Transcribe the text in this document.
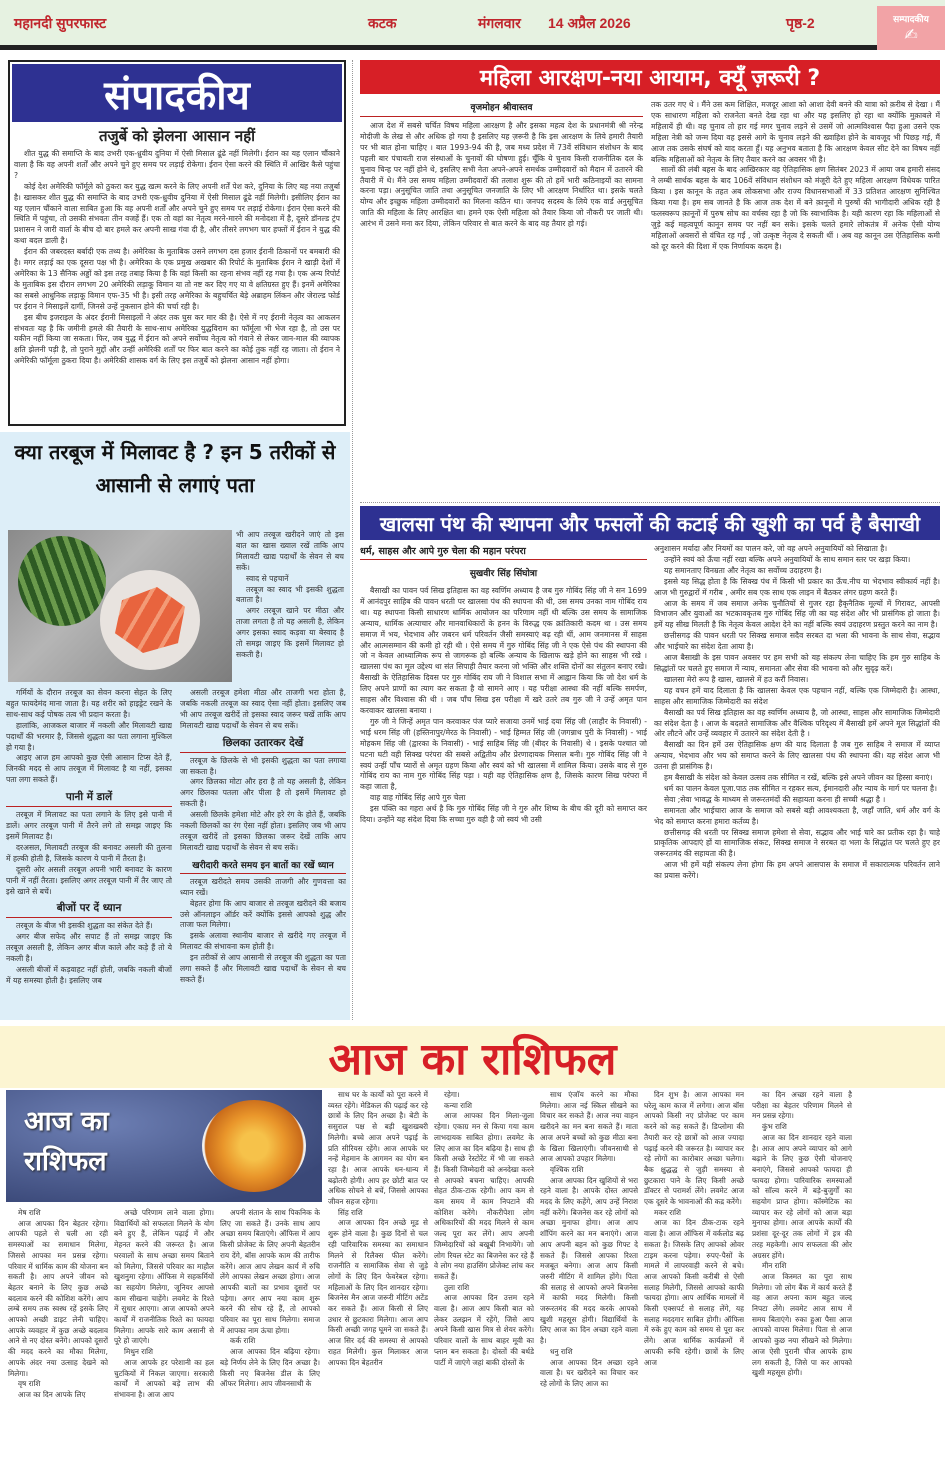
महानदी सुपरफास्ट	कटक	मंगलवार 14 अप्रैल 2026	पृष्ठ-2	सम्पादकीय
✍
संपादकीय
तजुर्बे को झेलना आसान नहीं

शीत युद्ध की समाप्ति के बाद उभरी एक-ध्रुवीय दुनिया में ऐसी मिसाल ढूंढे नहीं मिलेगी। ईरान का यह एलान चौंकाने वाला है कि वह अपनी शर्तों और अपने चुने हुए समय पर लड़ाई रोकेगा। ईरान ऐसा करने की स्थिति में आखिर कैसे पहुंचा ?

कोई देश अमेरिकी फॉर्मूले को ठुकरा कर युद्ध खत्म करने के लिए अपनी शर्तें पेश करे, दुनिया के लिए यह नया तजुर्बा है। खासकर शीत युद्ध की समाप्ति के बाद उभरी एक-ध्रुवीय दुनिया में ऐसी मिसाल ढूंढे नहीं मिलेगी। इसीलिए ईरान का यह एलान चौंकाने वाला साबित हुआ कि वह अपनी शर्तों और अपने चुने हुए समय पर लड़ाई रोकेगा। ईरान ऐसा करने की स्थिति में पहुंचा, तो उसकी संभवतः तीन वजहें हैं। एक तो वहां का नेतृत्व मरने-मारने की मनोदशा में है, दूसरे डॉनल्ड ट्रंप प्रशासन ने जारी वार्ता के बीच दो बार हमले कर अपनी साख गंवा दी है, और तीसरे लगभग चार हफ्तों में ईरान ने युद्ध की कथा बदल डाली है।

ईरान की जबरदस्त बर्बादी एक तथ्य है। अमेरिका के मुताबिक उसने लगभग दस हजार ईरानी ठिकानों पर बमबारी की है। मगर लड़ाई का एक दूसरा पक्ष भी है। अमेरिका के एक प्रमुख अखबार की रिपोर्ट के मुताबिक ईरान ने खाड़ी देशों में अमेरिका के 13 सैनिक अड्डों को इस तरह तबाह किया है कि वहां किसी का रहना संभव नहीं रह गया है। एक अन्य रिपोर्ट के मुताबिक इस दौरान लगभग 20 अमेरिकी लड़ाकू विमान या तो नष्ट कर दिए गए या वे क्षतिग्रस्त हुए हैं। इनमें अमेरिका का सबसे आधुनिक लड़ाकू विमान एफ-35 भी है। इसी तरह अमेरिका के बहुचर्चित बेड़े अब्राहम लिंकन और जेराल्ड फोर्ड पर ईरान ने मिसाइलें दागीं, जिनसे उन्हें नुकसान होने की चर्चा रही है।

इस बीच इजराइल के अंदर ईरानी मिसाइलों ने अंदर तक घुस कर मार की है। ऐसे में नए ईरानी नेतृत्व का आकलन संभवतः यह है कि जमीनी हमले की तैयारी के साथ-साथ अमेरिका युद्धविराम का फॉर्मूला भी भेज रहा है, तो उस पर यकीन नहीं किया जा सकता। फिर, जब युद्ध में ईरान को अपने सर्वोच्च नेतृत्व को गंवाने से लेकर जान-माल की व्यापक क्षति झेलनी पड़ी है, तो पुराने मुद्दों और उन्हीं अमेरिकी शर्तों पर फिर बात करने का कोई तुक नहीं रह जाता। तो ईरान ने अमेरिकी फॉर्मूला ठुकरा दिया है। अमेरिकी शासक वर्ग के लिए इस तजुर्बे को झेलना आसान नहीं होगा।

महिला आरक्षण-नया आयाम, क्यूँ ज़रूरी ?
वृजमोहन श्रीवास्तव

आज देश में सबसे चर्चित विषय महिला आरक्षण है और इसका महत्व देश के प्रधानमंत्री श्री नरेन्द्र मोदीजी के लेख से और अधिक हो गया है इसलिए यह ज़रूरी है कि इस आरक्षण के लिये हमारी तैयारी पर भी बात होना चाहिए । बात 1993-94 की है, जब मध्य प्रदेश में 73वें संविधान संशोधन के बाद पहली बार पंचायती राज संस्थाओं के चुनावों की घोषणा हुई। चूँकि ये चुनाव किसी राजनीतिक दल के चुनाव चिन्ह पर नहीं होने थे, इसलिए सभी नेता अपने-अपने समर्थक उम्मीदवारों को मैदान में उतारने की तैयारी में थे। मैंने उस समय महिला उम्मीदवारों की तलाश शुरू की तो हमें भारी कठिनाइयों का सामना करना पड़ा। अनुसूचित जाति तथा अनुसूचित जनजाति के लिए भी आरक्षण निर्धारित था। इसके चलते योग्य और इच्छुक महिला उम्मीदवारों का मिलना कठिन था। जनपद सदस्य के लिये एक वार्ड अनुसूचित जाति की महिला के लिए आरक्षित था। हमने एक ऐसी महिला को तैयार किया जो नौकरी पर जाती थी। आरंभ में उसने मना कर दिया, लेकिन परिवार से बात करने के बाद वह तैयार हो गई।

तक उतर गए थे । मैंने उस कम शिक्षित, मजदूर आशा को आशा देवी बनने की यात्रा को क़रीब से देखा । मैं एक साधारण महिला को राजनेता बनते देख रहा था और यह इसलिए हो रहा था क्योंकि मुक़ाबले में महिलायें ही थी। वह चुनाव तो हार गई मगर चुनाव लड़ने से उसमें जो आत्मविश्वास पैदा हुआ उसने एक महिला नेत्री को जन्म दिया वह इससे आगे के चुनाव लड़ने की ख्वाहिश होने के बावजूद भी पिछड़ गई, मैं आज तक उसके संघर्ष को याद करता हूँ। यह अनुभव बताता है कि आरक्षण केवल सीट देने का विषय नहीं बल्कि महिलाओं को नेतृत्व के लिए तैयार करने का अवसर भी है।

सालों की लंबी बहस के बाद आखिरकार वह ऐतिहासिक क्षण सितंबर 2023 में आया जब हमारी संसद ने लम्बी सार्थक बहस के बाद 106वें संविधान संशोधन को मंजूरी देते हुए महिला आरक्षण विधेयक पारित किया । इस कानून के तहत अब लोकसभा और राज्य विधानसभाओं में 33 प्रतिशत आरक्षण सुनिश्चित किया गया है। हम सब जानते है कि आज तक देश में बने क़ानूनों मे पुरुषों की भागीदारी अधिक रही है फलस्वरूप क़ानूनों में पुरुष सोच का वर्चस्व रहा है जो कि स्वाभाविक है। यही कारण रहा कि महिलाओं से जुड़े कई महत्वपूर्ण कानून समय पर नहीं बन सके। इसके चलते हमारे लोकतंत्र में अनेक ऐसी योग्य महिलाओं अवसरों से वंचित रह गईं , जो उत्कृष्ट नेतृत्व दे सकती थीं । अब वह कानून उस ऐतिहासिक कमी को दूर करने की दिशा में एक निर्णायक कदम है।

क्या तरबूज में मिलावट है ? इन 5 तरीकों से आसानी से लगाएं पता

भी आप तरबूज खरीदने जाएं तो इस बात का खास ख्याल रखें ताकि आप मिलावटी खाद्य पदार्थों के सेवन से बच सकें।

स्वाद से पहचानें

तरबूज का स्वाद भी इसकी शुद्धता बताता है।

अगर तरबूज खाने पर मीठा और ताजा लगता है तो यह असली है, लेकिन अगर इसका स्वाद कड़वा या बेस्वाद है तो समझ जाइए कि इसमें मिलावट हो सकती है।

गर्मियों के दौरान तरबूज का सेवन करना सेहत के लिए बहुत फायदेमंद माना जाता है। यह शरीर को हाइड्रेट रखने के साथ-साथ कई पोषक तत्व भी प्रदान करता है।

हालांकि, आजकल बाजार में नकली और मिलावटी खाद्य पदार्थों की भरमार है, जिससे शुद्धता का पता लगाना मुश्किल हो गया है।

आइए आज हम आपको कुछ ऐसी आसान टिप्स देते हैं, जिनकी मदद से आप तरबूज में मिलावट है या नहीं, इसका पता लगा सकते हैं।

पानी में डालें

तरबूज में मिलावट का पता लगाने के लिए इसे पानी में डालें। अगर तरबूज पानी में तैरने लगे तो समझ जाइए कि इसमें मिलावट है।

दरअसल, मिलावटी तरबूज की बनावट असली की तुलना में हल्की होती है, जिसके कारण ये पानी में तैरता है।

दूसरी ओर असली तरबूज अपनी भारी बनावट के कारण पानी में नहीं तैरता। इसलिए अगर तरबूज पानी में तैर जाए तो इसे खाने से बचें।

बीजों पर दें ध्यान

तरबूज के बीज भी इसकी शुद्धता का संकेत देते हैं।

अगर बीज सफेद और सपाट हैं तो समझ जाइए कि तरबूज असली है, लेकिन अगर बीज काले और कड़े हैं तो ये नकली है।

असली बीजों में कड़वाहट नहीं होती, जबकि नकली बीजों में यह समस्या होती है। इसलिए जब

असली तरबूज हमेशा मीठा और ताजगी भरा होता है, जबकि नकली तरबूज का स्वाद ऐसा नहीं होता। इसलिए जब भी आप तरबूज खरीदें तो इसका स्वाद जरूर चखें ताकि आप मिलावटी खाद्य पदार्थों के सेवन से बच सकें।

छिलका उतारकर देखें

तरबूज के छिलके से भी इसकी शुद्धता का पता लगाया जा सकता है।

अगर छिलका मोटा और हरा है तो यह असली है, लेकिन अगर छिलका पतला और पीला है तो इसमें मिलावट हो सकती है।

असली छिलके हमेशा मोटे और हरे रंग के होते हैं, जबकि नकली छिलकों का रंग ऐसा नहीं होता। इसलिए जब भी आप तरबूज खरीदें तो इसका छिलका जरूर देखें ताकि आप मिलावटी खाद्य पदार्थों के सेवन से बच सकें।

खरीदारी करते समय इन बातों का रखें ध्यान

तरबूज खरीदते समय उसकी ताजगी और गुणवत्ता का ध्यान रखें।

बेहतर होगा कि आप बाजार से तरबूज खरीदने की बजाय उसे ऑनलाइन ऑर्डर करें क्योंकि इससे आपको शुद्ध और ताजा फल मिलेगा।

इसके अलावा स्थानीय बाजार से खरीदे गए तरबूज में मिलावट की संभावना कम होती है।

इन तरीकों से आप आसानी से तरबूज की शुद्धता का पता लगा सकते हैं और मिलावटी खाद्य पदार्थों के सेवन से बच सकते हैं।

खालसा पंथ की स्थापना और फसलों की कटाई की खुशी का पर्व है बैसाखी
धर्म, साहस और आपे गुरु चेला की महान परंपरा
सुखवीर सिंह सिंघोत्रा

बैसाखी का पावन पर्व सिख इतिहास का वह स्वर्णिम अध्याय है जब गुरु गोबिंद सिंह जी ने सन 1699 में आनंदपुर साहिब की पावन धरती पर खालसा पंथ की स्थापना की थी, उस समय उनका नाम गोबिंद राय था। यह स्थापना किसी साधारण धार्मिक आयोजन का परिणाम नहीं थी बल्कि उस समय के सामाजिक अन्याय, धार्मिक अत्याचार और मानवाधिकारों के हनन के विरुद्ध एक क्रांतिकारी कदम था । उस समय समाज में भय, भेदभाव और जबरन धर्म परिवर्तन जैसी समस्याएं बढ़ रही थीं, आम जनमानस में साहस और आत्मसम्मान की कमी हो रही थी । ऐसे समय में गुरु गोबिंद सिंह जी ने एक ऐसे पंथ की स्थापना की जो न केवल आध्यात्मिक रूप से जागरूक हो बल्कि अन्याय के खिलाफ खड़े होने का साहस भी रखे । खालसा पंथ का मूल उद्देश्य था संत सिपाही तैयार करना जो भक्ति और शक्ति दोनों का संतुलन बनाए रखे। बैसाखी के ऐतिहासिक दिवस पर गुरु गोबिंद राय जी ने विशाल सभा में आह्वान किया कि जो देश धर्म के लिए अपने प्राणों का त्याग कर सकता है वो सामने आए । यह परीक्षा आस्था की नहीं बल्कि समर्पण, साहस और विश्वास की थी । जब पाँच सिख इस परीक्षा में खरे उतरे तब गुरु जी ने उन्हें अमृत पान करवाकर खालसा बनाया ।

गुरु जी ने जिन्हें अमृत पान करवाकर पंज प्यारे सजाया उनमें भाई दया सिंह जी (लाहौर के निवासी) - भाई धरम सिंह जी (हस्तिनापुर/मेरठ के निवासी) - भाई हिम्मत सिंह जी (जगन्नाथ पुरी के निवासी) - भाई मोहकम सिंह जी (द्वारका के निवासी) - भाई साहिब सिंह जी (बीदर के निवासी) थे । इसके पश्चात जो घटना घटी वही सिक्ख परंपरा की सबसे अद्वितीय और प्रेरणादायक मिसाल बनी। गुरु गोबिंद सिंह जी ने स्वयं उन्हीं पाँच प्यारों से अमृत ग्रहण किया और स्वयं को भी खालसा में शामिल किया। उसके बाद से गुरु गोबिंद राय का नाम गुरु गोबिंद सिंह पड़ा । यही वह ऐतिहासिक क्षण है, जिसके कारण सिख परंपरा में कहा जाता है,

वाह वाह गोबिंद सिंह आपे गुरु चेला

इस पंक्ति का गहरा अर्थ है कि गुरु गोबिंद सिंह जी ने गुरु और शिष्य के बीच की दूरी को समाप्त कर दिया। उन्होंने यह संदेश दिया कि सच्चा गुरु वही है जो स्वयं भी उसी

अनुशासन मर्यादा और नियमों का पालन करे, जो वह अपने अनुयायियों को सिखाता है।

उन्होंने स्वयं को ऊँचा नहीं रखा बल्कि अपने अनुयायियों के साथ समान स्तर पर खड़ा किया।

यह समानताए विनम्रता और नेतृत्व का सर्वोच्च उदाहरण है।

इससे यह सिद्ध होता है कि सिक्ख पंथ में किसी भी प्रकार का ऊँच.नीच या भेदभाव स्वीकार्य नहीं है। आज भी गुरुद्वारों में गरीब , अमीर सब एक साथ एक लाइन में बैठकर लंगर ग्रहण करते हैं।

आज के समय में जब समाज अनेक चुनौतियों से गुजर रहा हैकृनैतिक मूल्यों में गिरावट, आपसी विभाजन और युवाओं का भटकावकृतब गुरु गोबिंद सिंह जी का यह संदेश और भी प्रासंगिक हो जाता है। हमें यह सीख मिलती है कि नेतृत्व केवल आदेश देने का नहीं बल्कि स्वयं उदाहरण प्रस्तुत करने का नाम है।

छत्तीसगढ़ की पावन धरती पर सिक्ख समाज सदैव सरबत दा भला की भावना के साथ सेवा, सद्भाव और भाईचारे का संदेश देता आया है।

आज बैसाखी के इस पावन अवसर पर हम सभी को यह संकल्प लेना चाहिए कि हम गुरु साहिब के सिद्धांतों पर चलते हुए समाज में न्याय, समानता और सेवा की भावना को और सुदृढ़ करें।

खालसा मेरो रूप है खास, खालसे में हउ करौं निवास।

यह वचन हमें याद दिलाता है कि खालसा केवल एक पहचान नहीं, बल्कि एक जिम्मेदारी है। आस्था, साहस और सामाजिक जिम्मेदारी का संदेश

बैसाखी का पर्व सिख इतिहास का वह स्वर्णिम अध्याय है, जो आस्था, साहस और सामाजिक जिम्मेदारी का संदेश देता है । आज के बदलते सामाजिक और वैश्विक परिदृश्य में बैसाखी हमें अपने मूल सिद्धांतों की ओर लौटने और उन्हें व्यवहार में उतारने का संदेश देती है ।

बैसाखी का दिन हमें उस ऐतिहासिक क्षण की याद दिलाता है जब गुरु साहिब ने समाज में व्याप्त अन्याय, भेदभाव और भय को समाप्त करने के लिए खालसा पंथ की स्थापना की। यह संदेश आज भी उतना ही प्रासंगिक है।

हम बैसाखी के संदेश को केवल उत्सव तक सीमित न रखें, बल्कि इसे अपने जीवन का हिस्सा बनाएं।

धर्म का पालन केवल पूजा.पाठ तक सीमित न रहकर सत्य, ईमानदारी और न्याय के मार्ग पर चलना है।

सेवा ;सेवा भावद्ध के माध्यम से जरूरतमंदों की सहायता करना ही सच्ची श्रद्धा है ।

समानता और भाईचारा आज के समाज को सबसे बड़ी आवश्यकता है, जहाँ जाति, धर्म और वर्ग के भेद को समाप्त करना हमारा कर्तव्य है।

छत्तीसगढ़ की धरती पर सिक्ख समाज हमेशा से सेवा, सद्भाव और भाई चारे का प्रतीक रहा है। चाहे प्राकृतिक आपदाएं हों या सामाजिक संकट, सिक्ख समाज ने सरबत दा भला के सिद्धांत पर चलते हुए हर जरूरतमंद की सहायता की है।

आज भी हमें यही संकल्प लेना होगा कि हम अपने आसपास के समाज में सकारात्मक परिवर्तन लाने का प्रयास करेंगे।

आज का राशिफल
आज का
राशिफल

मेष राशि

आज आपका दिन बेहतर रहेगा। आपकी पहले से चली आ रही समस्याओं का समाधान मिलेगा, जिससे आपका मन प्रसन्न रहेगा। परिवार में धार्मिक काम की योजना बन सकती है। आप अपने जीवन को बेहतर बनाने के लिए कुछ अच्छे बदलाव करने की कोशिश करेंगे। आप लम्बे समय तक स्वस्थ रहें इसके लिए आपको अच्छी डाइट लेनी चाहिए। आपके व्यवहार में कुछ अच्छे बदलाव आने से नए दोस्त बनेंगे। आपको दूसरों की मदद करने का मौका मिलेगा, आपके अंदर नया उत्साह देखने को मिलेगा।

वृष राशि

आज का दिन आपके लिए

अच्छे परिणाम लाने वाला होगा। विद्यार्थियों को सफलता मिलने के योग बने हुए हैं, लेकिन पढ़ाई में और मेहनत करने की जरूरत है। आज घरवालों के साथ अच्छा समय बिताने को मिलेगा, जिससे परिवार का माहौल खुशनुमा रहेगा। ऑफिस मे सहकर्मियों का सहयोग मिलेगा, जूनियर आपसे काम सीखना चाहेंगे। लवमेट के रिश्ते में सुधार आएगा। आज आपको अपने कार्यों में राजनीतिक रिश्ते का फायदा मिलेगा। आपके सारे काम असानी से पूरे हो जाएंगे।

मिथुन राशि

आज आपके हर परेशानी का हल चुटकियों में निकल जाएगा। सरकारी कार्यों में आपको बड़े लाभ की संभावना है। आज आप

अपनी संतान के साथ पिकनिक के लिए जा सकते हैं। उनके साथ आप अच्छा समय बिताएंगे। ऑफिस में आप किसी प्रोजेक्ट के लिए अपनी बेहतरीन राय देंगे, बॉस आपके काम की तारीफ करेंगे। आज आप लेखन कार्य में रुचि लेंगे आपका लेखन अच्छा होगा। आज आपकी बातों का प्रभाव दूसरों पर पड़ेगा। अगर आप नया काम शुरू करने की सोच रहे हैं, तो आपको परिवार का पूरा साथ मिलेगा। समाज में आपका नाम ऊंचा होगा।

कर्क राशि

आज आपका दिन बढ़िया रहेगा। बड़े निर्णय लेने के लिए दिन अच्छा है। किसी नए बिजनेस डील के लिए ऑफर मिलेगा। आप जीवनसाथी के

साथ घर के कार्यों को पूरा करने में व्यस्त रहेंगे। मेडिकल की पढ़ाई कर रहे छात्रों के लिए दिन अच्छा है। बेटी के ससुराल पक्ष से बड़ी खुशखबरी मिलेगी। बच्चे आज अपने पढ़ाई के प्रति सीरियस रहेंगे। आज आपके घर नन्हें मेहमान के आगमन का योग बन रहा है। आज आपके धन-धान्य में बढ़ोतरी होगी। आप हर छोटी बात पर अधिक सोचने से बचें, जिससे आपका जीवन सहज रहेगा।

सिंह राशि

आज आपका दिन अच्छे मूड से शुरू होने वाला है। कुछ दिनों से चल रही पारिवारिक समस्या का समाधान मिलने से रिलैक्स फील करेंगे। राजनीति व सामाजिक सेवा से जुड़े लोगों के लिए दिन फेवरेबल रहेगा। महिलाओं के लिए दिन शानदार रहेगा। बिजनेस मैन आज जरूरी मीटिंग अटेंड कर सकते हैं। आज किसी से लिए उधार से छुटकारा मिलेगा। आज आप किसी अच्छी जगह घूमने जा सकते हैं। आज सिर दर्द की समस्या से आपको राहत मिलेगी। कुल मिलाकर आज आपका दिन बेहतरीन

रहेगा।

कन्या राशि

आज आपका दिन मिला-जुला रहेगा। एकाग्र मन से किया गया काम लाभदायक साबित होगा। लवमेट के लिए आज का दिन बढ़िया है। साथ ही किसी अच्छे रेस्टोरेंट में भी जा सकते हैं। किसी जिम्मेदारी को अनदेखा करने से आपको बचना चाहिए। आपकी सेहत ठीक-टाक रहेगी। आप कम से कम समय में काम निपटाने की कोशिश करेंगे। नौकरीपेशा लोग अधिकारियों की मदद मिलने से काम जल्द पूरा कर लेंगे। आप अपनी जिम्मेदारियों को बखूबी निभायेंगे। जो लोग रियल स्टेट का बिजनेस कर रहे हैं वे लोग नया हाउसिंग प्रोजेक्ट लांच कर सकते हैं।

तुला राशि

आज आपका दिन उत्तम रहने वाला है। आज आप किसी बात को लेकर उलझन में रहेंगे, जिसे आप अपने किसी खास मित्र से शेयर करेंगे। परिवार वालों के साथ बाहर मूवी का प्लान बन सकता है। दोस्तों की बर्थडे पार्टी में जाएंगे जहां बाकी दोस्तों के

साथ एंजॉय करने का मौका मिलेगा। आज नई स्किल सीखने का विचार कर सकते हैं। आज नया वाहन खरीदने का मन बना सकते हैं। माता आज अपने बच्चों को कुछ मीठा बना के खिला खिलाएंगी। जीवनसाथी से आज आपको उपहार मिलेगा।

वृश्चिक राशि

आज आपका दिन खुशियों से भरा रहने वाला है। आपके दोस्त आपसे मदद के लिए कहेंगे, आप उन्हें निराश नहीं करेंगे। बिजनेस कर रहे लोगों को अच्छा मुनाफा होगा। आज आप शॉपिंग करने का मन बनाएंगे। आज आप अपनी बहन को कुछ गिफ्ट दे सकते हैं। जिससे आपका रिश्ता मजबूत बनेगा। आज आप किसी जरुरी मीटिंग में शामिल होंगे। पिता की सलाह से आपको अपने बिजनेस में काफी मदद मिलेगी। किसी जरूरतमंद की मदद करके आपको खुशी महसूस होगी। विद्यार्थियों के लिए आज का दिन अच्छा रहने वाला है।

धनु राशि

आज आपका दिन अच्छा रहने वाला है। घर खरीदने का विचार कर रहे लोगों के लिए आज का

दिन शुभ है। आज आपका मन घरेलू काम काज में लगेगा। आज बॉस आपको किसी नए प्रोजेक्ट पर काम करने को कह सकते हैं। डिप्लोमा की तैयारी कर रहे छात्रों को आज ज्यादा पढ़ाई करने की जरूरत है। व्यापार कर रहे लोगों का कारोबार अच्छा चलेगा। बैक क्षुद्धद्ध से जुड़ी समस्या से छुटकारा पाने के लिए किसी अच्छे डॉक्टर से परामर्श लेंगे। लवमेट आज एक दूसरे के भावनाओं की कद्र करेंगे।

मकर राशि

आज का दिन ठीक-टाक रहने वाला है। आज ऑफिस में वर्कलोड बढ़ सकता है। जिसके लिए आपको ओवर टाइम करना पड़ेगा। रुपए-पैसों के मामले में लापरवाही करने से बचे। आज आपको किसी करीबी से ऐसी सलाह मिलेगी, जिससे आपको काफी फायदा होगा। आप आर्थिक मामलों में किसी एक्सपर्ट से सलाह लेंगे, यह सलाह मददगार साबित होगी। ऑफिस में रुके हुए काम को समय से पूरा कर लेंगे। आज धार्मिक कार्यक्रमों में आपकी रूचि रहेगी। छात्रों के लिए आज

का दिन अच्छा रहने वाला है परीक्षा का बेहतर परिणाम मिलने से मन प्रसन्न रहेगा।

कुंभ राशि

आज का दिन शानदार रहने वाला है। आज आप अपने व्यापार को आगे बढ़ाने के लिए कुछ ऐसी योजनाएं बनाएंगे, जिससे आपको फायदा ही फायदा होगा। पारिवारिक समस्याओं को सॉल्व करने में बड़े-बुजुर्गों का सहयोग प्राप्त होगा। कॉस्मेटिक का व्यापार कर रहे लोगों को आज बड़ा मुनाफा होगा। आज आपके कार्यों की प्रशंसा दूर-दूर तक लोगों में इत्र की तरह महकेगी। आप सफलता की ओर अग्रसर होंगे।

मीन राशि

आज किस्मत का पूरा साथ मिलेगा। जो लोग बैंक में कार्य करते हैं वह आज अपना काम बहुत जल्द निपटा लेंगे। लवमेट आज साथ में समय बिताएंगे। रुका हुआ पैसा आज आपको वापस मिलेगा। पिता से आज आपको कुछ नया सीखने को मिलेगा। आज ऐसी पुरानी चीज आपके हाथ लग सकती है, जिसे पा कर आपको खुशी महसूस होगी।
